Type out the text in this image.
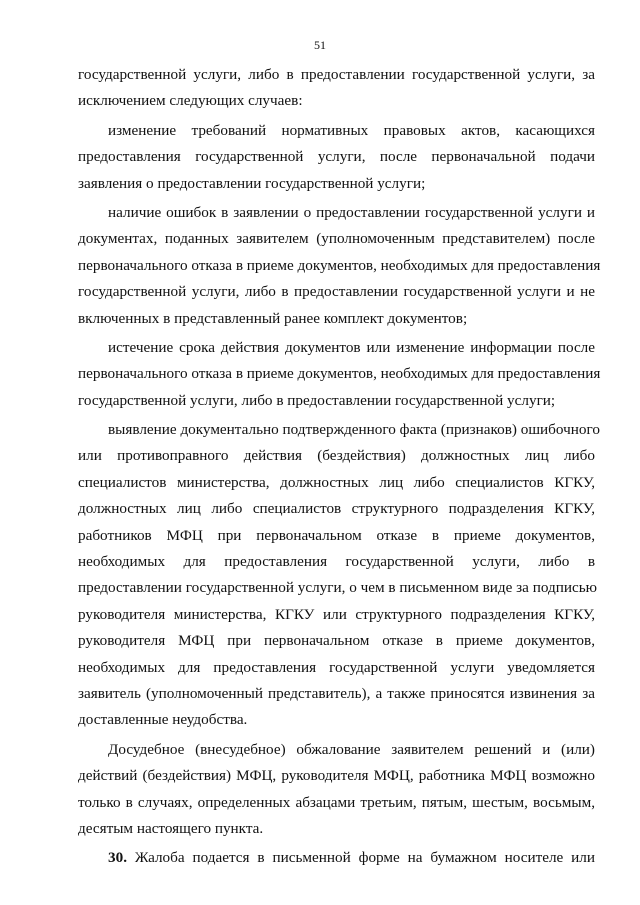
51
государственной услуги, либо в предоставлении государственной услуги, за
исключением следующих случаев:
изменение требований нормативных правовых актов, касающихся
предоставления государственной услуги, после первоначальной подачи
заявления о предоставлении государственной услуги;
наличие ошибок в заявлении о предоставлении государственной услуги и
документах, поданных заявителем (уполномоченным представителем) после
первоначального отказа в приеме документов, необходимых для предоставления
государственной услуги, либо в предоставлении государственной услуги и не
включенных в представленный ранее комплект документов;
истечение срока действия документов или изменение информации после
первоначального отказа в приеме документов, необходимых для предоставления
государственной услуги, либо в предоставлении государственной услуги;
выявление документально подтвержденного факта (признаков) ошибочного
или противоправного действия (бездействия) должностных лиц либо
специалистов министерства, должностных лиц либо специалистов КГКУ,
должностных лиц либо специалистов структурного подразделения КГКУ,
работников МФЦ при первоначальном отказе в приеме документов,
необходимых для предоставления государственной услуги, либо в
предоставлении государственной услуги, о чем в письменном виде за подписью
руководителя министерства, КГКУ или структурного подразделения КГКУ,
руководителя МФЦ при первоначальном отказе в приеме документов,
необходимых для предоставления государственной услуги уведомляется
заявитель (уполномоченный представитель), а также приносятся извинения за
доставленные неудобства.
Досудебное (внесудебное) обжалование заявителем решений и (или)
действий (бездействия) МФЦ, руководителя МФЦ, работника МФЦ возможно
только в случаях, определенных абзацами третьим, пятым, шестым, восьмым,
десятым настоящего пункта.
30. Жалоба подается в письменной форме на бумажном носителе или
